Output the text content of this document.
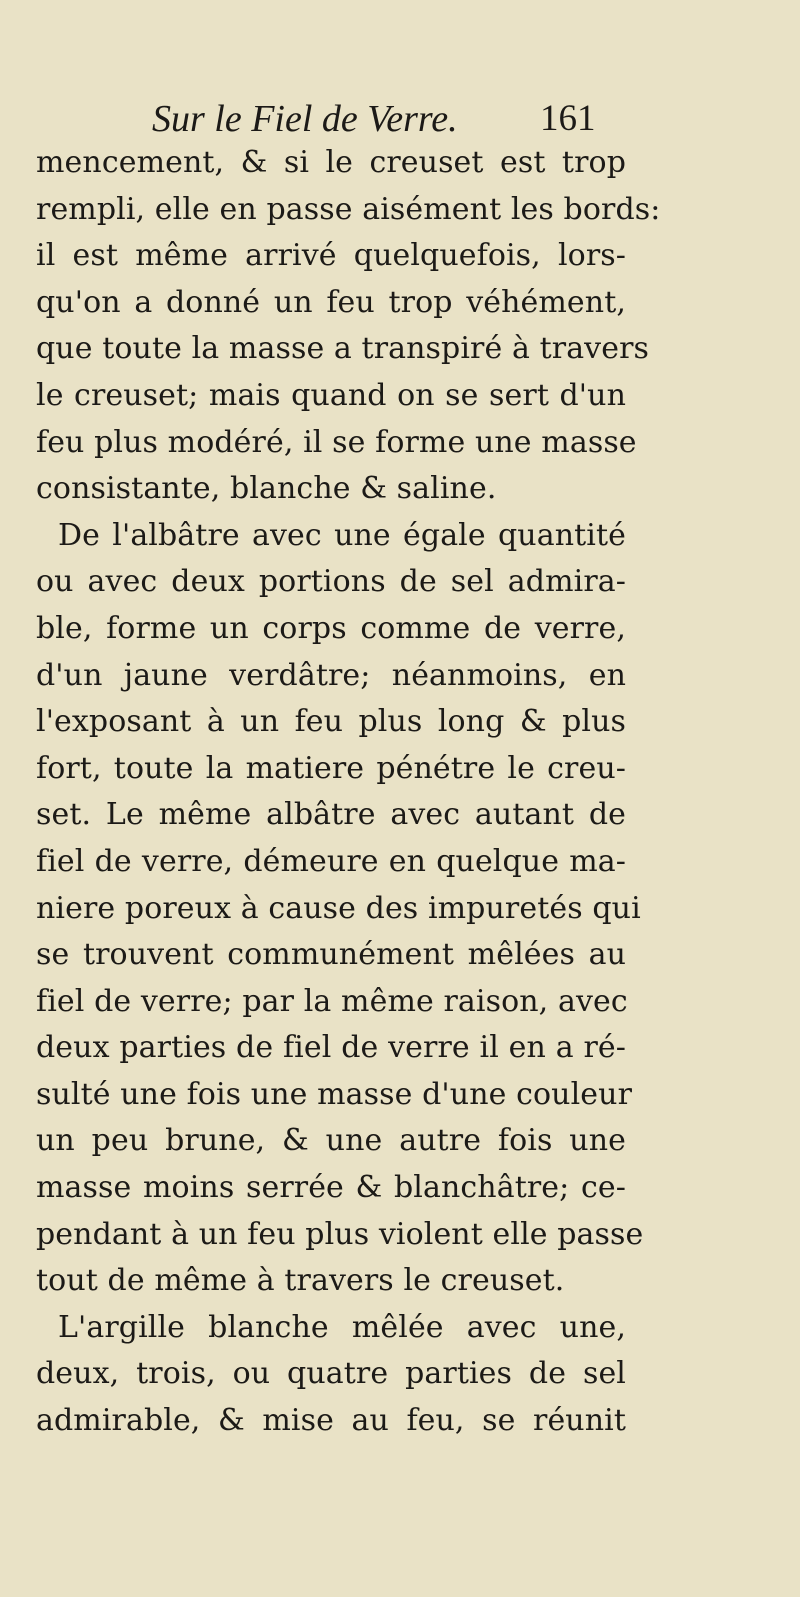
Sur le Fiel de Verre. 161
mencement, & si le creuset est trop
rempli, elle en passe aisément les bords:
il est même arrivé quelquefois, lors-
qu'on a donné un feu trop véhément,
que toute la masse a transpiré à travers
le creuset; mais quand on se sert d'un
feu plus modéré, il se forme une masse
consistante, blanche & saline.
De l'albâtre avec une égale quantité
ou avec deux portions de sel admira-
ble, forme un corps comme de verre,
d'un jaune verdâtre; néanmoins, en
l'exposant à un feu plus long & plus
fort, toute la matiere pénétre le creu-
set. Le même albâtre avec autant de
fiel de verre, démeure en quelque ma-
niere poreux à cause des impuretés qui
se trouvent communément mêlées au
fiel de verre; par la même raison, avec
deux parties de fiel de verre il en a ré-
sulté une fois une masse d'une couleur
un peu brune, & une autre fois une
masse moins serrée & blanchâtre; ce-
pendant à un feu plus violent elle passe
tout de même à travers le creuset.
L'argille blanche mêlée avec une,
deux, trois, ou quatre parties de sel
admirable, & mise au feu, se réunit
